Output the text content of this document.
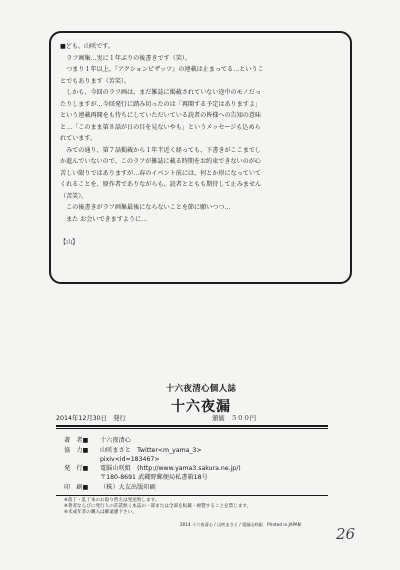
■ども、山咲です。
　ラフ画集…実に１年ぶりの後書きです（笑）。
　つまり１年以上、『アクションピザッツ』の連載は止まってる…というこ
とでもあります（苦笑）。
　しかも、今回のラフ画は、まだ雑誌に掲載されていない途中のモノだっ
たりしますが…今回発行に踏み切ったのは「再開する予定はありますよ」
という連載再開をも待ちにしていただいている読者の皆様への告知の意味
と…「このまま第８話が日の目を見ないやも」というメッセージも込めら
れています。
　みての通り、第７話掲載から１年半近く経っても、下書きがここまでし
か進んでいないので、このラフが雑誌に載る時期をお約束できないのが心
苦しい限りではありますが…春のイベント前には、何とか形になっていて
くれることを、原作者でありながらも、読者とともも期待して止みません
（苦笑）。
　この後書きがラフ画集最後にならないことを節に願いつつ…
　また お会いできますように…
【山】
十六夜清心個人誌
十六夜漏
2014年12月30日　発行	頒価　５００円
著　者■ 十六夜清心
協　力■ 山咲まさと　Twitter<m_yama_3>
pixiv<id=183467>
発　行■ 電脳山咲組　(http://www.yama3.sakura.ne.jp/)
〒180-8691 武蔵野郵便局私書箱18号
印　刷■ （株）大友出版印刷
※落丁・乱丁本のお取り替えは発送致します。
※著者ならびに発行人の許諾無く本誌の一部または全部を転載・複製することを禁じます。
※未成年者の購入は御遠慮下さい。
2014 十六夜清心 / 山咲まさと / 電脳山咲組　Printed in JAPAN
26
